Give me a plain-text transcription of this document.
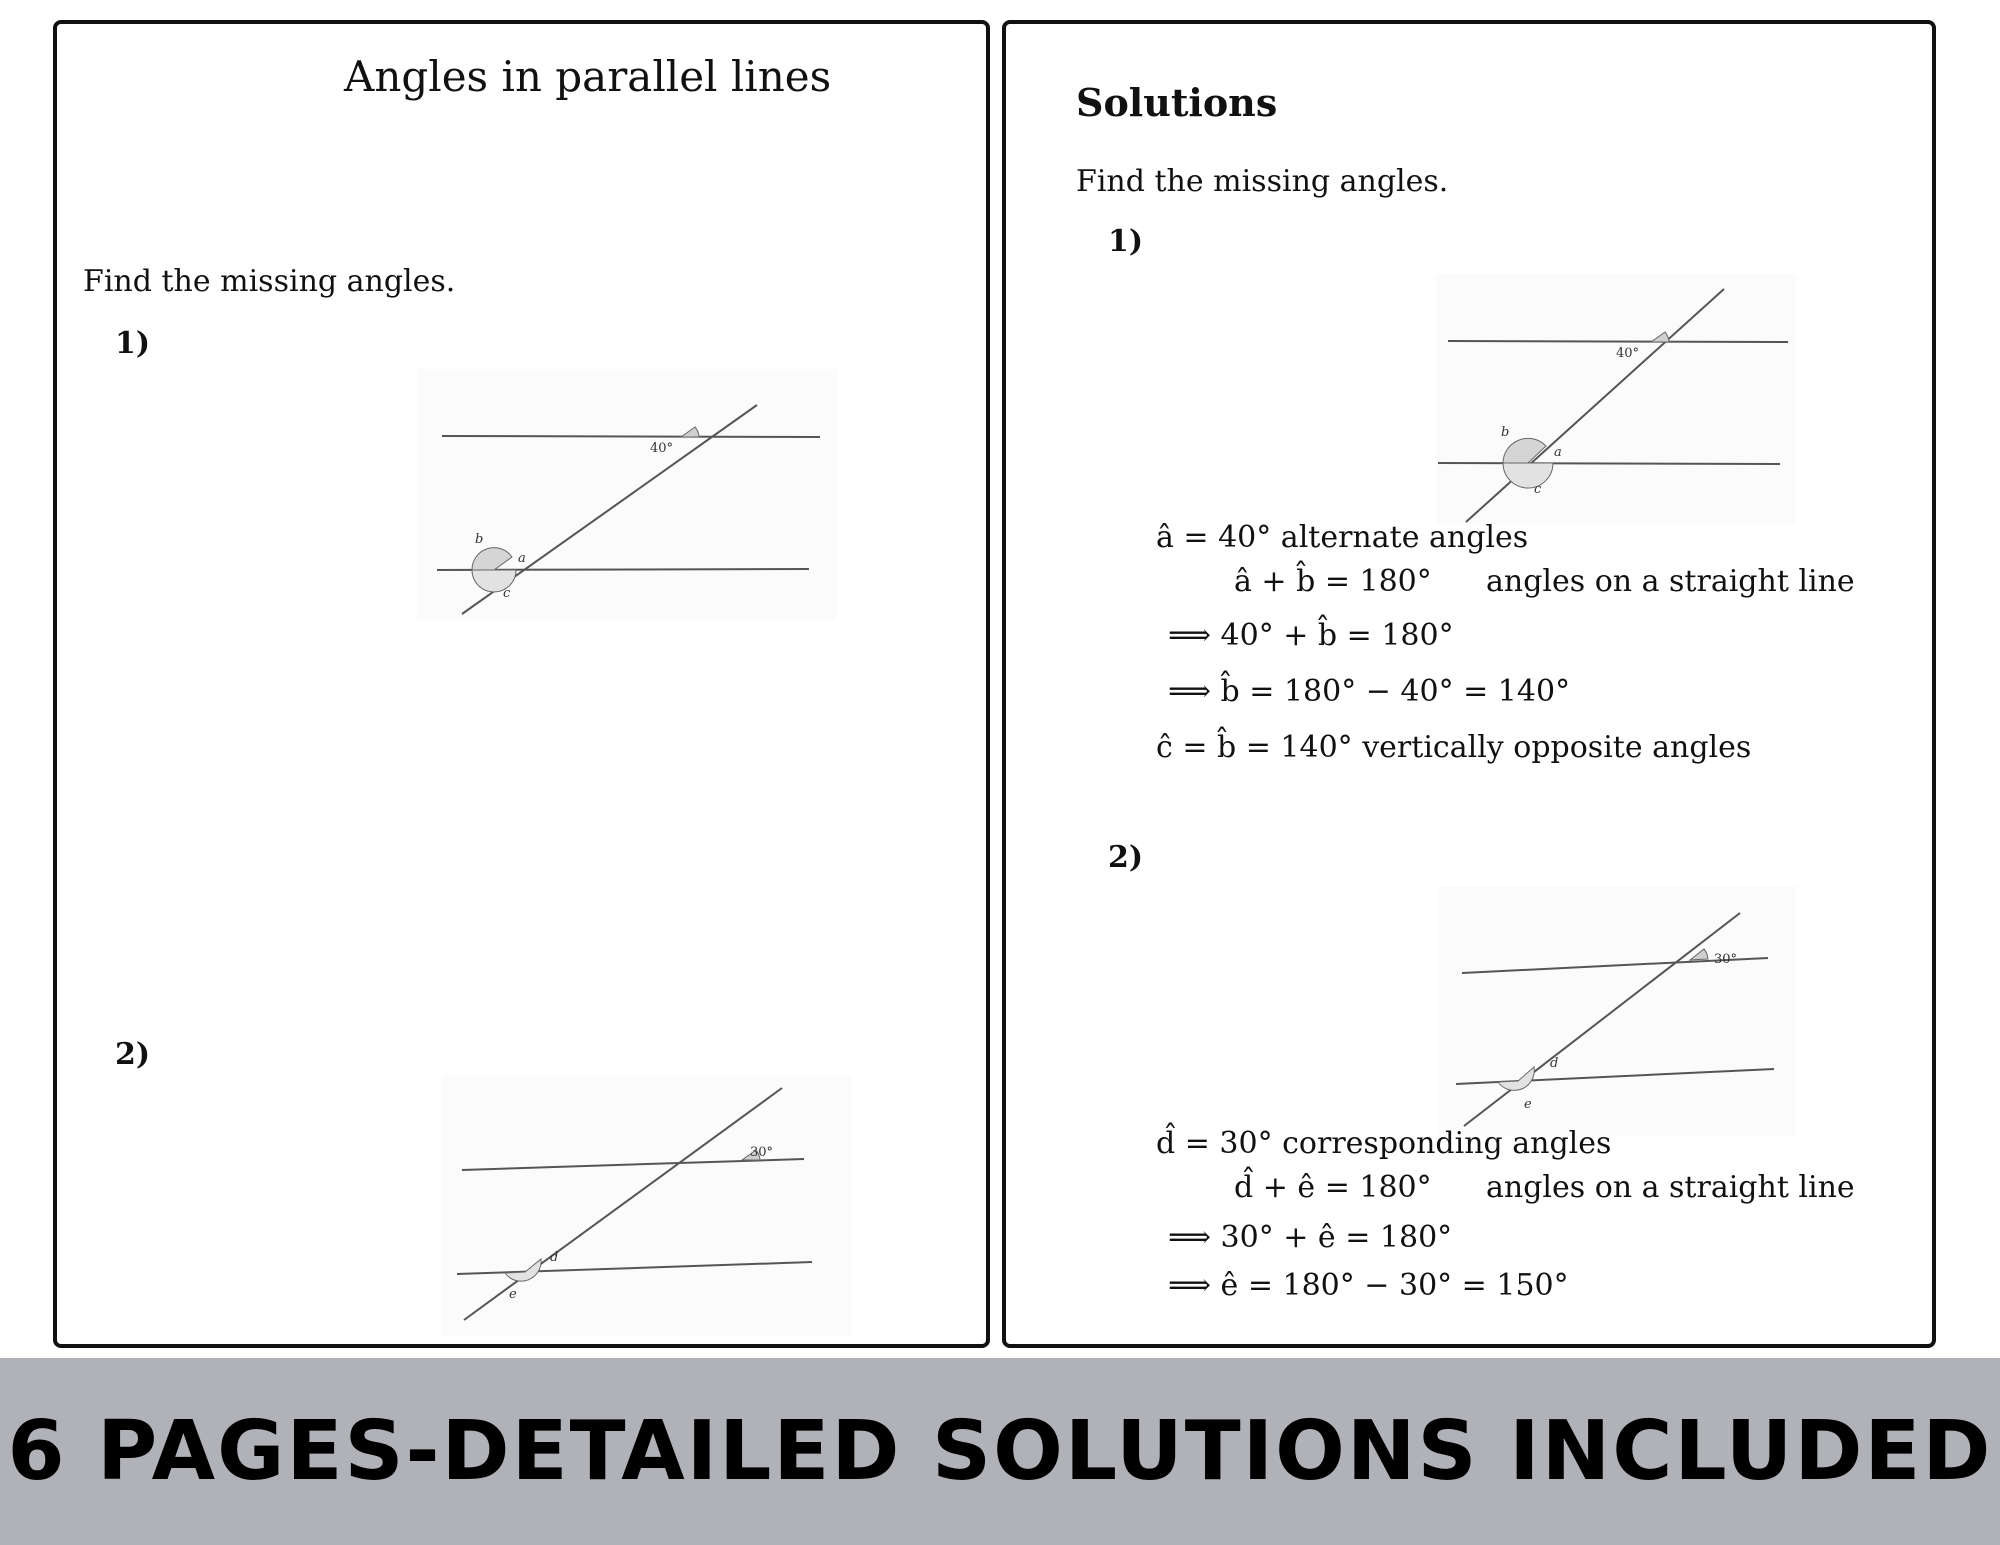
Angles in parallel lines
Find the missing angles.
1)
40°
b
a
c
2)
30°
d
e
Solutions
Find the missing angles.
1)
40°
b
a
c
â = 40° alternate angles
â + b̂ = 180° angles on a straight line
⟹ 40° + b̂ = 180°
⟹ b̂ = 180° − 40° = 140°
ĉ = b̂ = 140° vertically opposite angles
2)
30°
d
e
d̂ = 30° corresponding angles
d̂ + ê = 180° angles on a straight line
⟹ 30° + ê = 180°
⟹ ê = 180° − 30° = 150°
6 PAGES-DETAILED SOLUTIONS INCLUDED
